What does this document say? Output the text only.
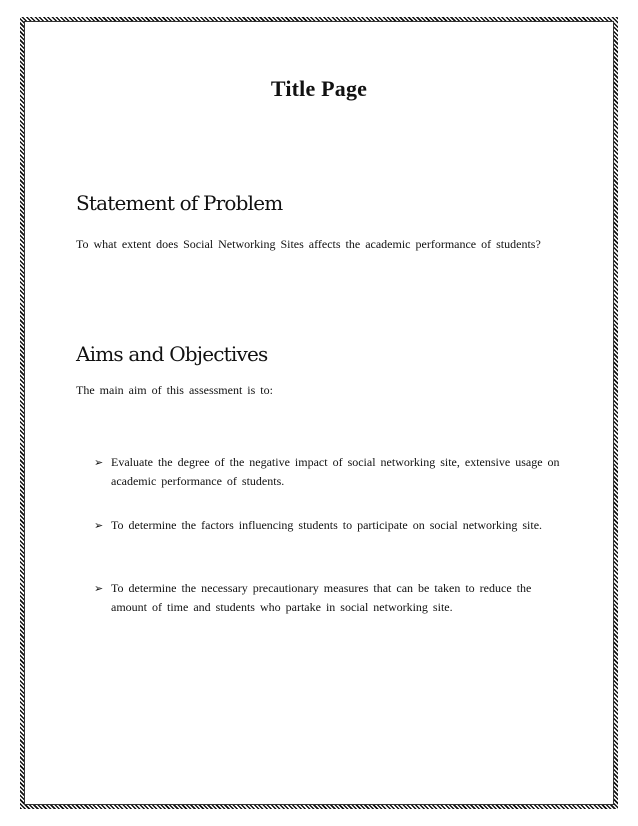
Title Page
Statement of Problem
To what extent does Social Networking Sites affects the academic performance of students?
Aims and Objectives
The main aim of this assessment is to:
➢ Evaluate the degree of the negative impact of social networking site, extensive usage on academic performance of students.
➢ To determine the factors influencing students to participate on social networking site.
➢ To determine the necessary precautionary measures that can be taken to reduce the amount of time and students who partake in social networking site.
